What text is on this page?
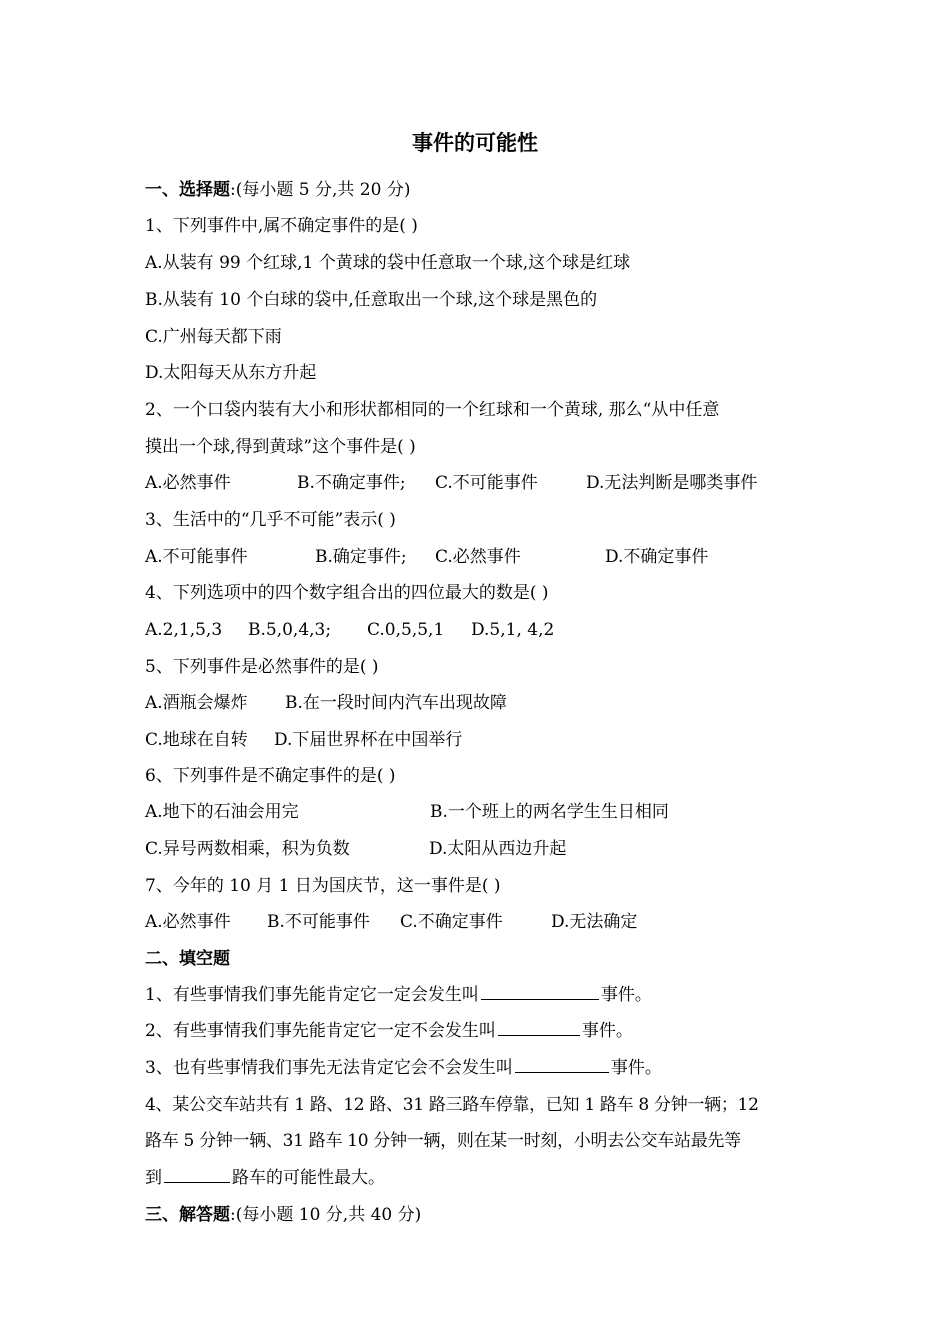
事件的可能性
一、选择题:(每小题 5 分,共 20 分)
1、下列事件中,属不确定事件的是( )
A.从装有 99 个红球,1 个黄球的袋中任意取一个球,这个球是红球
B.从装有 10 个白球的袋中,任意取出一个球,这个球是黑色的
C.广州每天都下雨
D.太阳每天从东方升起
2、一个口袋内装有大小和形状都相同的一个红球和一个黄球, 那么“从中任意
摸出一个球,得到黄球”这个事件是( )
A.必然事件	B.不确定事件; C.不可能事件	D.无法判断是哪类事件
3、生活中的“几乎不可能”表示( )
A.不可能事件	B.确定事件; C.必然事件	D.不确定事件
4、下列选项中的四个数字组合出的四位最大的数是( )
A.2,1,5,3 B.5,0,4,3; C.0,5,5,1 D.5,1, 4,2
5、下列事件是必然事件的是( )
A.酒瓶会爆炸 B.在一段时间内汽车出现故障
C.地球在自转 D.下届世界杯在中国举行
6、下列事件是不确定事件的是( )
A.地下的石油会用完	B.一个班上的两名学生生日相同
C.异号两数相乘，积为负数	D.太阳从西边升起
7、今年的 10 月 1 日为国庆节，这一事件是( )
A.必然事件 B.不可能事件 C.不确定事件	D.无法确定
二、填空题
1、有些事情我们事先能肯定它一定会发生叫	事件。
2、有些事情我们事先能肯定它一定不会发生叫	事件。
3、也有些事情我们事先无法肯定它会不会发生叫	事件。
4、某公交车站共有 1 路、12 路、31 路三路车停靠，已知 1 路车 8 分钟一辆；12
路车 5 分钟一辆、31 路车 10 分钟一辆，则在某一时刻，小明去公交车站最先等
到	路车的可能性最大。
三、解答题:(每小题 10 分,共 40 分)
